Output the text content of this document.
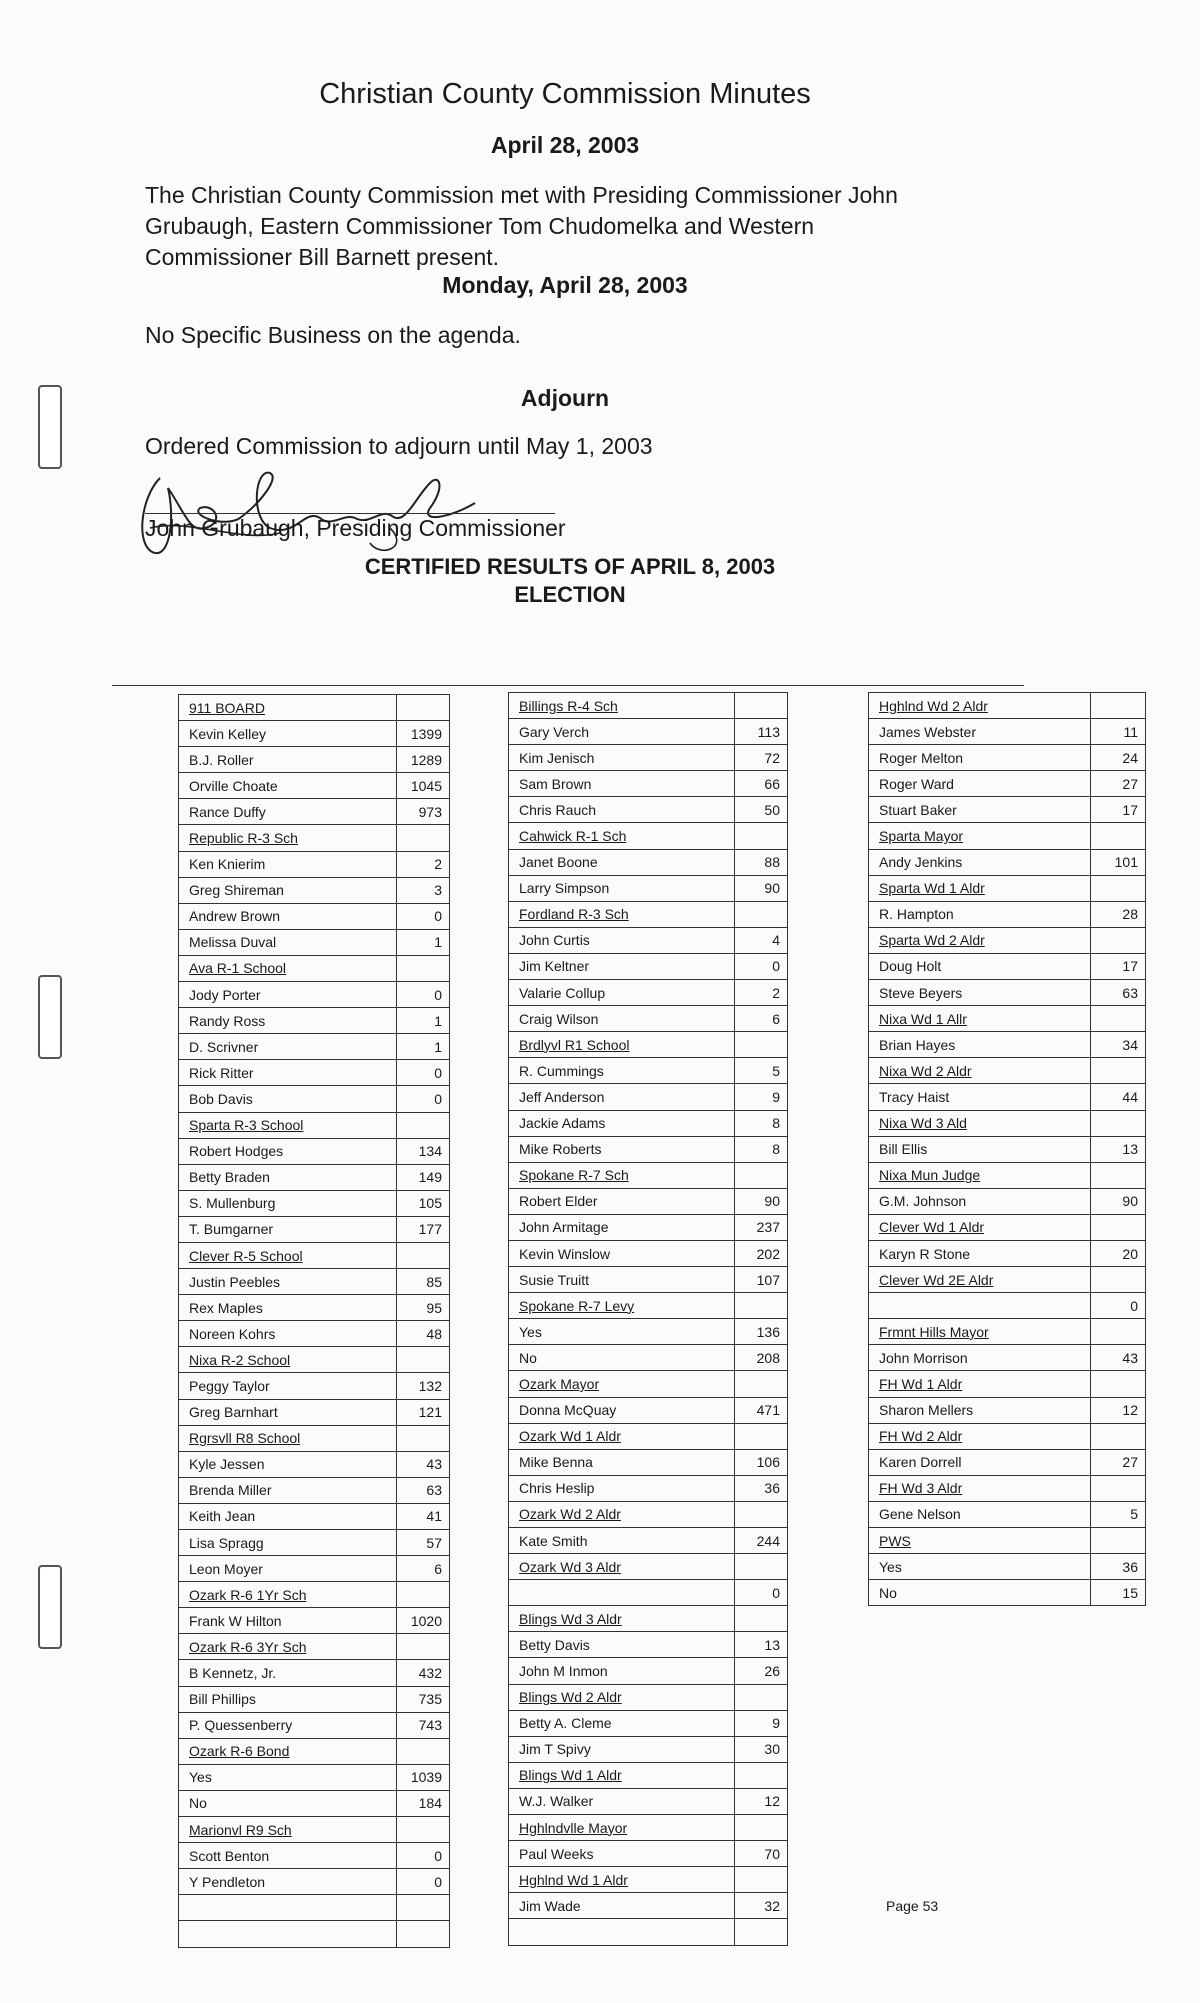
Christian County Commission Minutes
April 28, 2003
The Christian County Commission met with Presiding Commissioner John Grubaugh, Eastern Commissioner Tom Chudomelka and Western Commissioner Bill Barnett present.
Monday, April 28, 2003
No Specific Business on the agenda.
Adjourn
Ordered Commission to adjourn until May 1, 2003
John Grubaugh, Presiding Commissioner
CERTIFIED RESULTS OF APRIL 8, 2003 ELECTION
911 BOARD	
Kevin Kelley	1399
B.J. Roller	1289
Orville Choate	1045
Rance Duffy	973
Republic R-3 Sch	
Ken Knierim	2
Greg Shireman	3
Andrew Brown	0
Melissa Duval	1
Ava R-1 School	
Jody Porter	0
Randy Ross	1
D. Scrivner	1
Rick Ritter	0
Bob Davis	0
Sparta R-3 School	
Robert Hodges	134
Betty Braden	149
S. Mullenburg	105
T. Bumgarner	177
Clever R-5 School	
Justin Peebles	85
Rex Maples	95
Noreen Kohrs	48
Nixa R-2 School	
Peggy Taylor	132
Greg Barnhart	121
Rgrsvll R8 School	
Kyle Jessen	43
Brenda Miller	63
Keith Jean	41
Lisa Spragg	57
Leon Moyer	6
Ozark R-6 1Yr Sch	
Frank W Hilton	1020
Ozark R-6 3Yr Sch	
B Kennetz, Jr.	432
Bill Phillips	735
P. Quessenberry	743
Ozark R-6 Bond	
Yes	1039
No	184
Marionvl R9 Sch	
Scott Benton	0
Y Pendleton	0

Billings R-4 Sch	
Gary Verch	113
Kim Jenisch	72
Sam Brown	66
Chris Rauch	50
Cahwick R-1 Sch	
Janet Boone	88
Larry Simpson	90
Fordland R-3 Sch	
John Curtis	4
Jim Keltner	0
Valarie Collup	2
Craig Wilson	6
Brdlyvl R1 School	
R. Cummings	5
Jeff Anderson	9
Jackie Adams	8
Mike Roberts	8
Spokane R-7 Sch	
Robert Elder	90
John Armitage	237
Kevin Winslow	202
Susie Truitt	107
Spokane R-7 Levy	
Yes	136
No	208
Ozark Mayor	
Donna McQuay	471
Ozark Wd 1 Aldr	
Mike Benna	106
Chris Heslip	36
Ozark Wd 2 Aldr	
Kate Smith	244
Ozark Wd 3 Aldr	
	0
Blings Wd 3 Aldr	
Betty Davis	13
John M Inmon	26
Blings Wd 2 Aldr	
Betty A. Cleme	9
Jim T Spivy	30
Blings Wd 1 Aldr	
W.J. Walker	12
Hghlndvlle Mayor	
Paul Weeks	70
Hghlnd Wd 1 Aldr	
Jim Wade	32

Hghlnd Wd 2 Aldr	
James Webster	11
Roger Melton	24
Roger Ward	27
Stuart Baker	17
Sparta Mayor	
Andy Jenkins	101
Sparta Wd 1 Aldr	
R. Hampton	28
Sparta Wd 2 Aldr	
Doug Holt	17
Steve Beyers	63
Nixa Wd 1 Allr	
Brian Hayes	34
Nixa Wd 2 Aldr	
Tracy Haist	44
Nixa Wd 3 Ald	
Bill Ellis	13
Nixa Mun Judge	
G.M. Johnson	90
Clever Wd 1 Aldr	
Karyn R Stone	20
Clever Wd 2E Aldr	
	0
Frmnt Hills Mayor	
John Morrison	43
FH Wd 1 Aldr	
Sharon Mellers	12
FH Wd 2 Aldr	
Karen Dorrell	27
FH Wd 3 Aldr	
Gene Nelson	5
PWS	
Yes	36
No	15
Page 53
